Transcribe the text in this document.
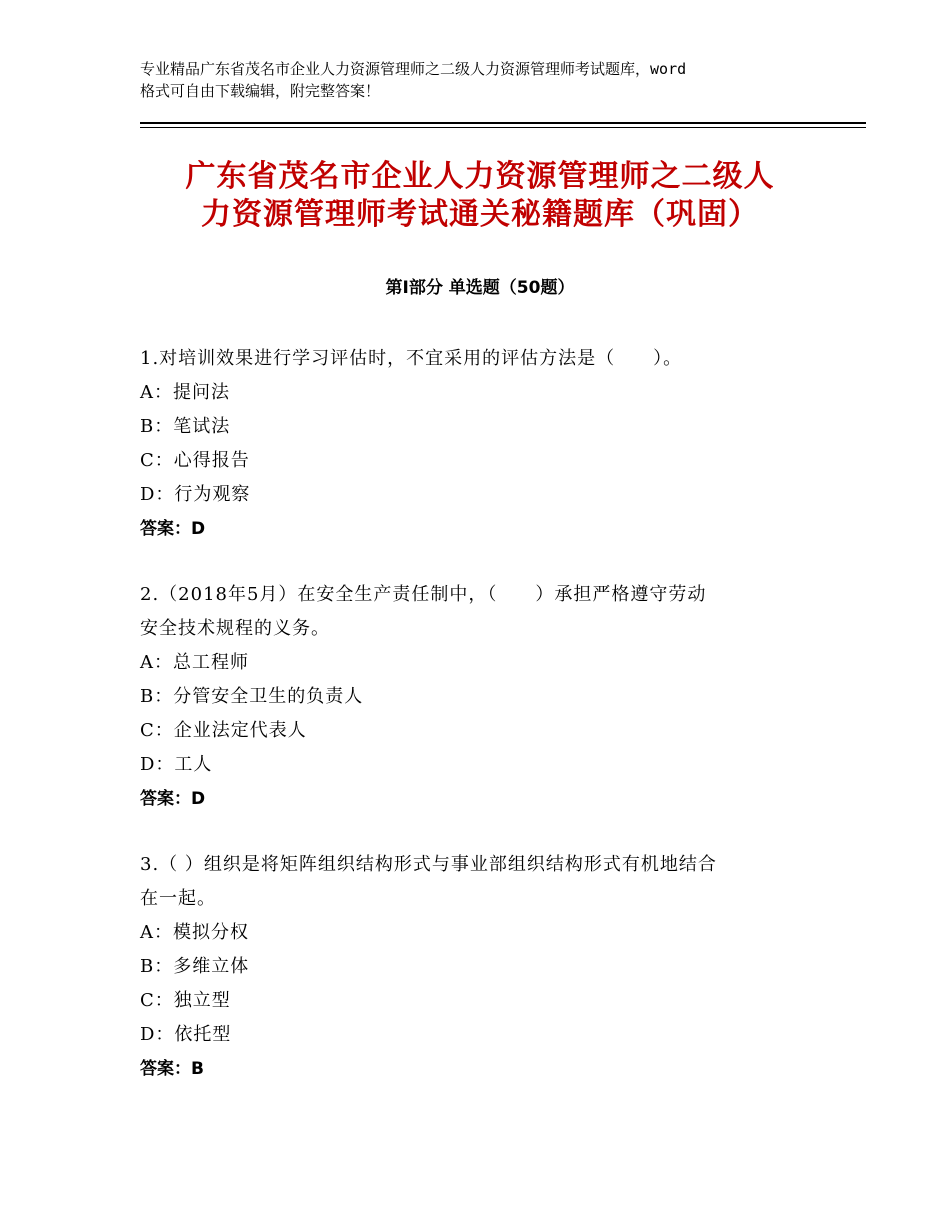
专业精品广东省茂名市企业人力资源管理师之二级人力资源管理师考试题库，word
格式可自由下载编辑，附完整答案！
广东省茂名市企业人力资源管理师之二级人
力资源管理师考试通关秘籍题库（巩固）
第Ⅰ部分 单选题（50题）
1.对培训效果进行学习评估时，不宜采用的评估方法是（　　）。
A：提问法
B：笔试法
C：心得报告
D：行为观察
答案：D
2.（2018年5月）在安全生产责任制中，（　　）承担严格遵守劳动
安全技术规程的义务。
A：总工程师
B：分管安全卫生的负责人
C：企业法定代表人
D：工人
答案：D
3.（ ）组织是将矩阵组织结构形式与事业部组织结构形式有机地结合
在一起。
A：模拟分权
B：多维立体
C：独立型
D：依托型
答案：B
